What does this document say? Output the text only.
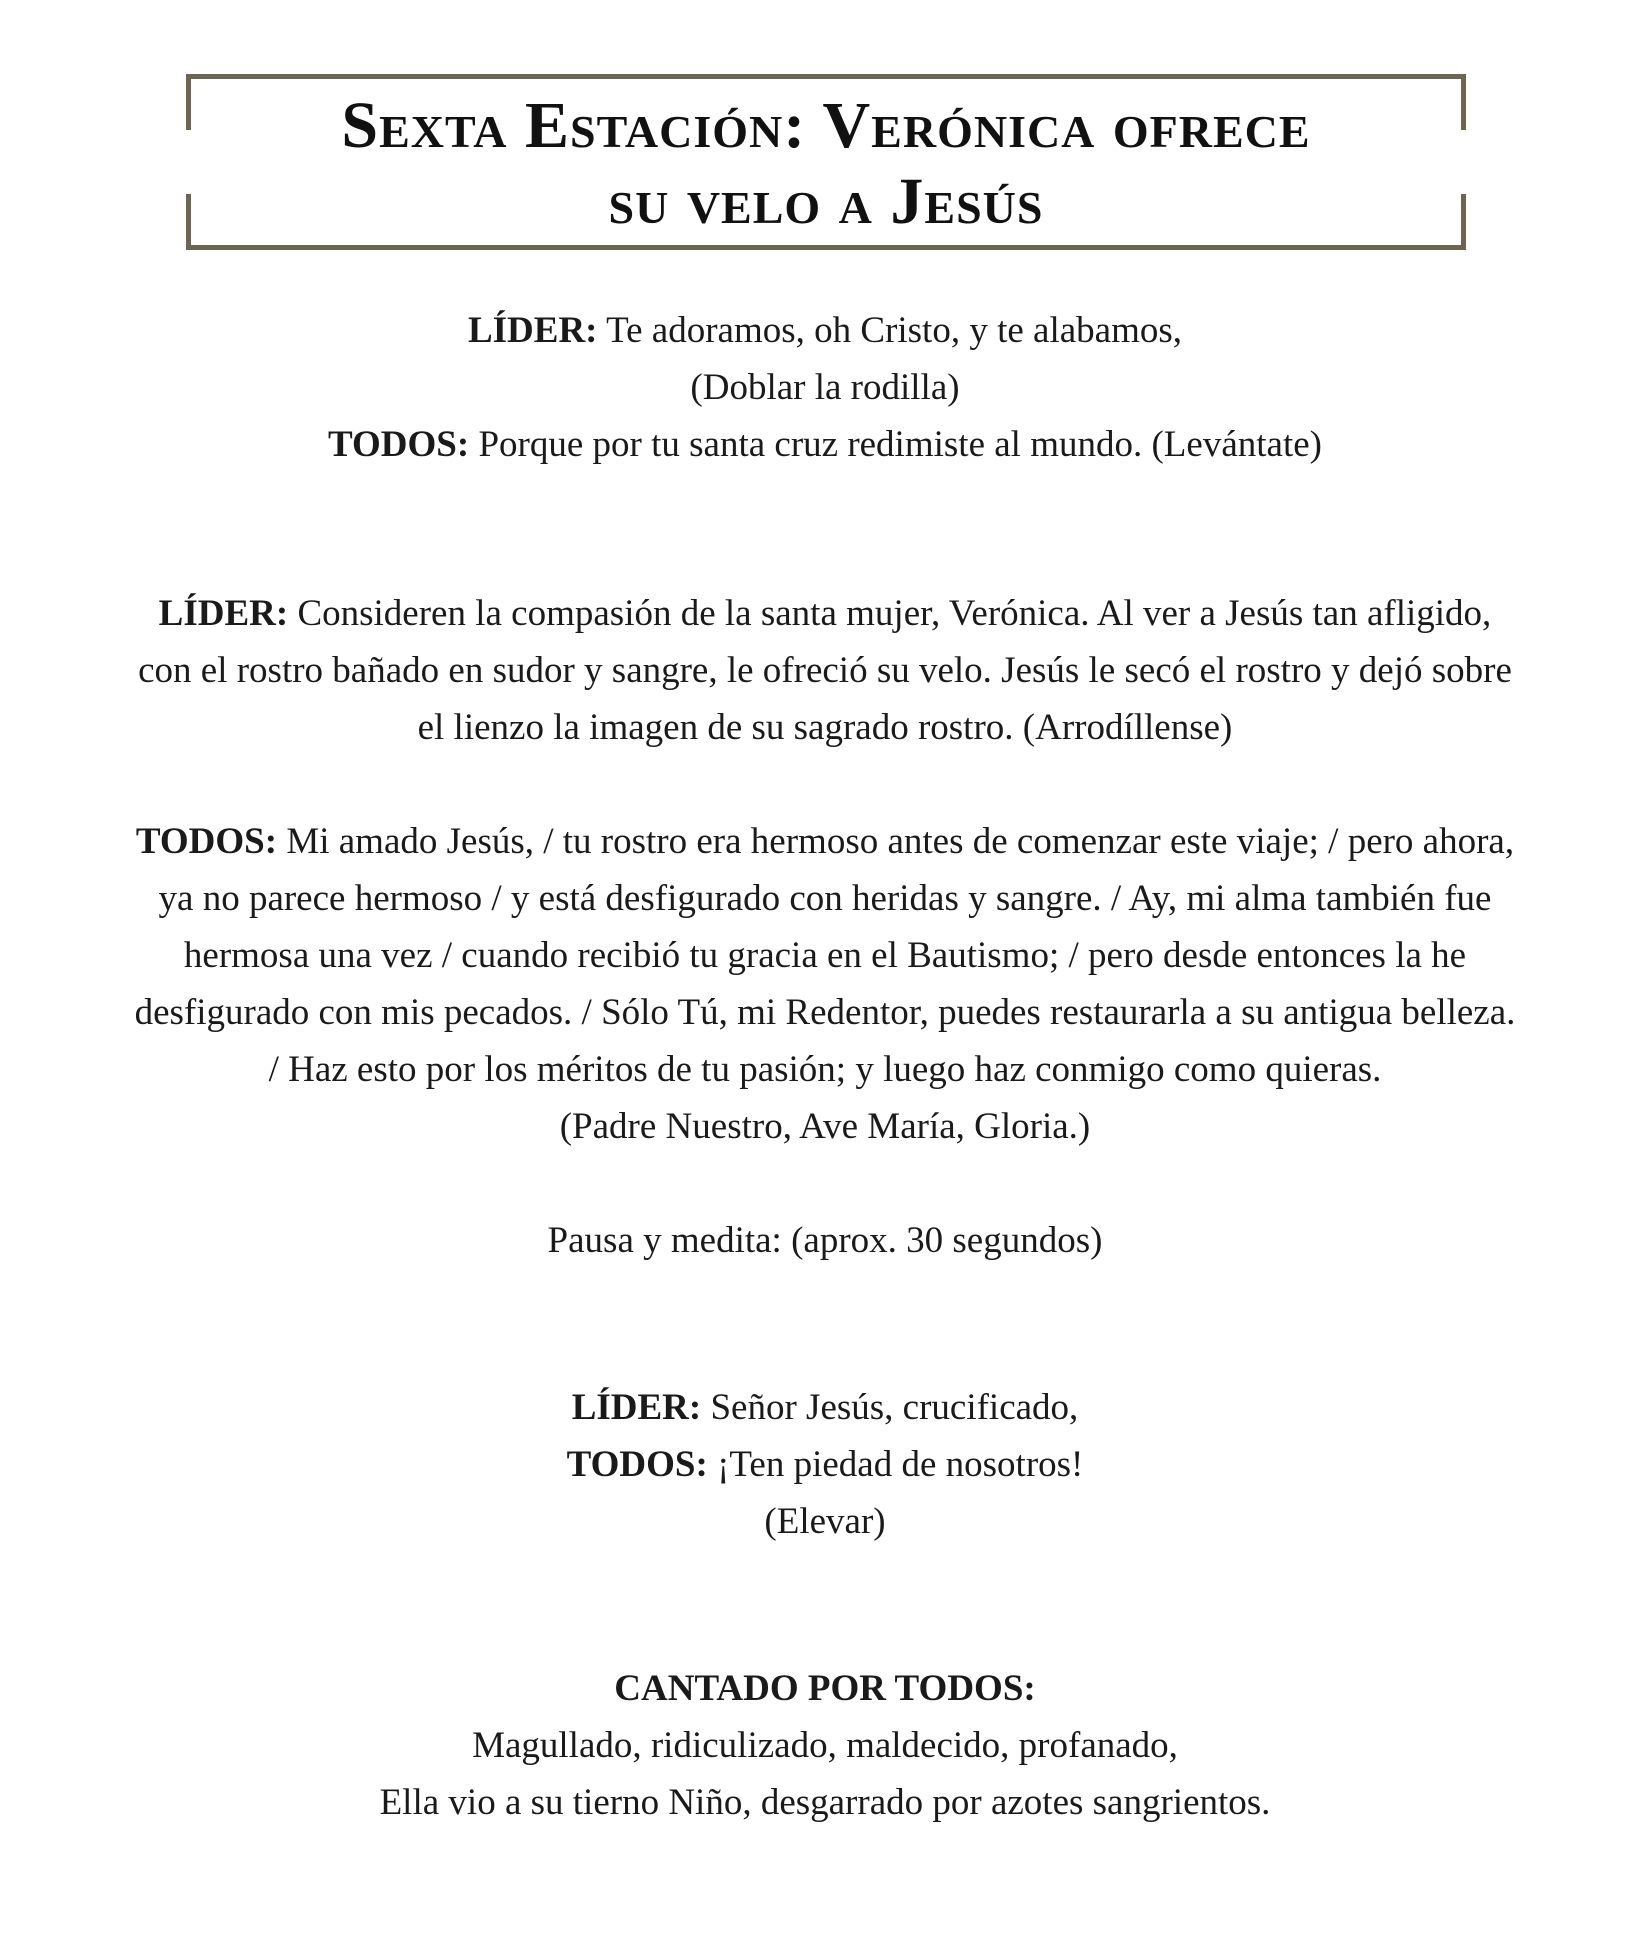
Sexta Estación: Verónica ofrece
su velo a Jesús

LÍDER: Te adoramos, oh Cristo, y te alabamos,

(Doblar la rodilla)

TODOS: Porque por tu santa cruz redimiste al mundo. (Levántate)

LÍDER: Consideren la compasión de la santa mujer, Verónica. Al ver a Jesús tan afligido, con el rostro bañado en sudor y sangre, le ofreció su velo. Jesús le secó el rostro y dejó sobre el lienzo la imagen de su sagrado rostro. (Arrodíllense)

TODOS: Mi amado Jesús, / tu rostro era hermoso antes de comenzar este viaje; / pero ahora, ya no parece hermoso / y está desfigurado con heridas y sangre. / Ay, mi alma también fue hermosa una vez / cuando recibió tu gracia en el Bautismo; / pero desde entonces la he desfigurado con mis pecados. / Sólo Tú, mi Redentor, puedes restaurarla a su antigua belleza. / Haz esto por los méritos de tu pasión; y luego haz conmigo como quieras.

(Padre Nuestro, Ave María, Gloria.)

Pausa y medita: (aprox. 30 segundos)

LÍDER: Señor Jesús, crucificado,

TODOS: ¡Ten piedad de nosotros!

(Elevar)

CANTADO POR TODOS:

Magullado, ridiculizado, maldecido, profanado,

Ella vio a su tierno Niño, desgarrado por azotes sangrientos.
